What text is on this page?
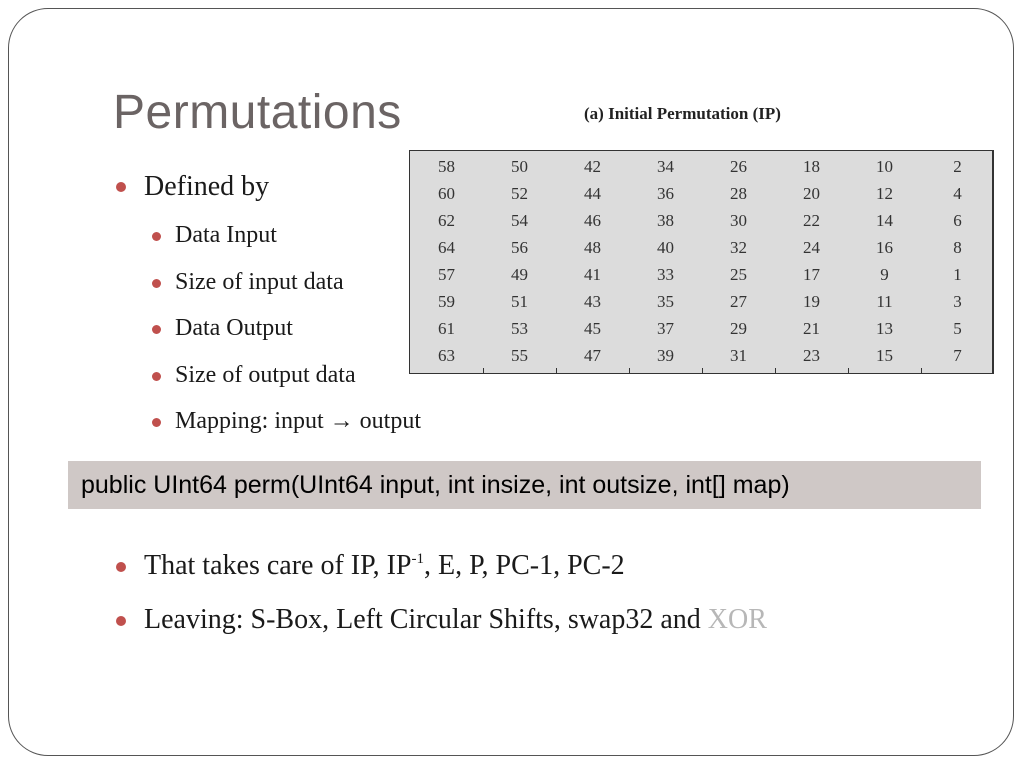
Permutations	(a) Initial Permutation (IP)
58	50	42	34	26	18	10	2
60	52	44	36	28	20	12	4
62	54	46	38	30	22	14	6
64	56	48	40	32	24	16	8
57	49	41	33	25	17	9	1
59	51	43	35	27	19	11	3
61	53	45	37	29	21	13	5
63	55	47	39	31	23	15	7
Defined by
Data Input
Size of input data
Data Output
Size of output data
Mapping: input → output
public UInt64 perm(UInt64 input, int insize, int outsize, int[] map)
That takes care of IP, $IP^{-1}$, E, P, PC-1, PC-2
Leaving: S-Box, Left Circular Shifts, swap32 and XOR
